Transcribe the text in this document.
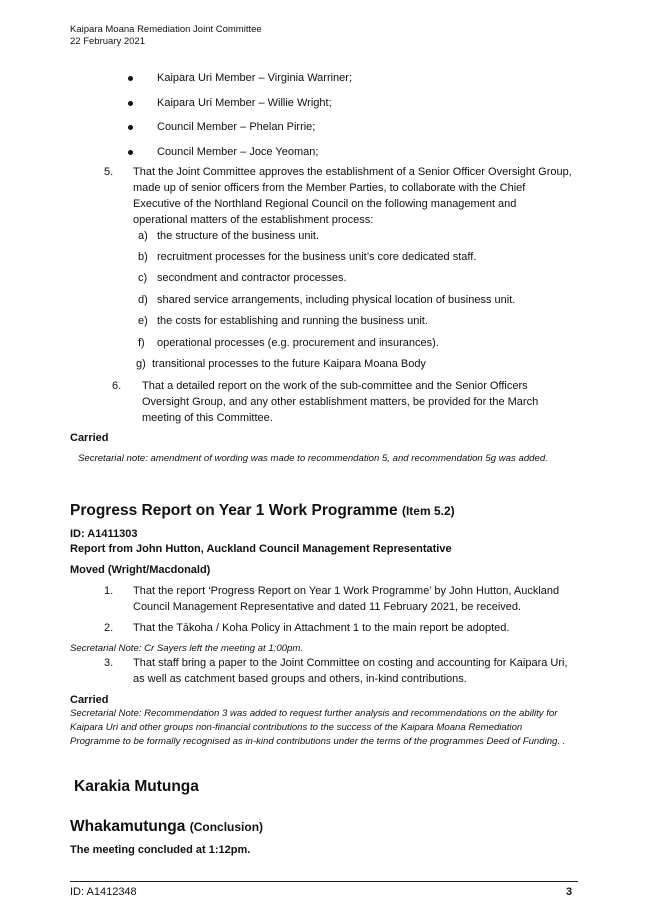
Kaipara Moana Remediation Joint Committee
22 February 2021
Kaipara Uri Member – Virginia Warriner;
Kaipara Uri Member – Willie Wright;
Council Member – Phelan Pirrie;
Council Member – Joce Yeoman;
5. That the Joint Committee approves the establishment of a Senior Officer Oversight Group, made up of senior officers from the Member Parties, to collaborate with the Chief Executive of the Northland Regional Council on the following management and operational matters of the establishment process:
a) the structure of the business unit.
b) recruitment processes for the business unit’s core dedicated staff.
c) secondment and contractor processes.
d) shared service arrangements, including physical location of business unit.
e) the costs for establishing and running the business unit.
f) operational processes (e.g. procurement and insurances).
g) transitional processes to the future Kaipara Moana Body
6. That a detailed report on the work of the sub-committee and the Senior Officers Oversight Group, and any other establishment matters, be provided for the March meeting of this Committee.
Carried
Secretarial note: amendment of wording was made to recommendation 5, and recommendation 5g was added.
Progress Report on Year 1 Work Programme (Item 5.2)
ID: A1411303
Report from John Hutton, Auckland Council Management Representative
Moved (Wright/Macdonald)
1. That the report ‘Progress Report on Year 1 Work Programme’ by John Hutton, Auckland Council Management Representative and dated 11 February 2021, be received.
2. That the Tākoha / Koha Policy in Attachment 1 to the main report be adopted.
Secretarial Note: Cr Sayers left the meeting at 1:00pm.
3. That staff bring a paper to the Joint Committee on costing and accounting for Kaipara Uri, as well as catchment based groups and others, in-kind contributions.
Carried
Secretarial Note: Recommendation 3 was added to request further analysis and recommendations on the ability for Kaipara Uri and other groups non-financial contributions to the success of the Kaipara Moana Remediation Programme to be formally recognised as in-kind contributions under the terms of the programmes Deed of Funding. .
Karakia Mutunga
Whakamutunga (Conclusion)
The meeting concluded at 1:12pm.
ID: A1412348	3
